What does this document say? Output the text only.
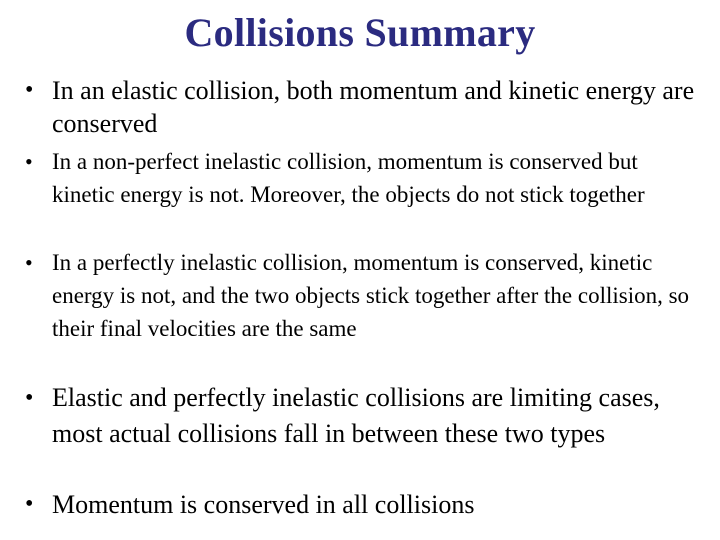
Collisions Summary
• In an elastic collision, both momentum and kinetic energy are conserved
• In a non-perfect inelastic collision, momentum is conserved but kinetic energy is not. Moreover, the objects do not stick together
• In a perfectly inelastic collision, momentum is conserved, kinetic energy is not, and the two objects stick together after the collision, so their final velocities are the same
• Elastic and perfectly inelastic collisions are limiting cases, most actual collisions fall in between these two types
• Momentum is conserved in all collisions
